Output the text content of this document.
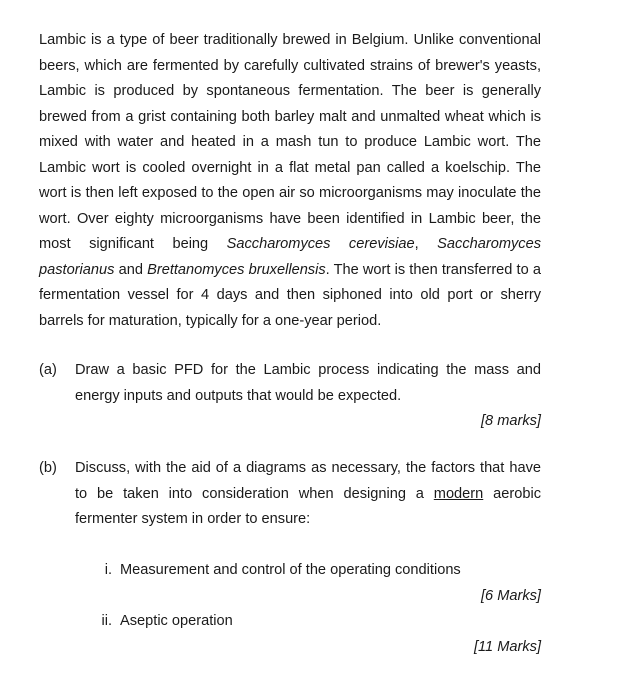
Lambic is a type of beer traditionally brewed in Belgium. Unlike conventional beers, which are fermented by carefully cultivated strains of brewer's yeasts, Lambic is produced by spontaneous fermentation. The beer is generally brewed from a grist containing both barley malt and unmalted wheat which is mixed with water and heated in a mash tun to produce Lambic wort. The Lambic wort is cooled overnight in a flat metal pan called a koelschip. The wort is then left exposed to the open air so microorganisms may inoculate the wort. Over eighty microorganisms have been identified in Lambic beer, the most significant being Saccharomyces cerevisiae, Saccharomyces pastorianus and Brettanomyces bruxellensis. The wort is then transferred to a fermentation vessel for 4 days and then siphoned into old port or sherry barrels for maturation, typically for a one-year period.

(a)	Draw a basic PFD for the Lambic process indicating the mass and energy inputs and outputs that would be expected.
[8 marks]
(b)	Discuss, with the aid of a diagrams as necessary, the factors that have to be taken into consideration when designing a modern aerobic fermenter system in order to ensure:
i. Measurement and control of the operating conditions
[6 Marks]
ii. Aseptic operation
[11 Marks]
